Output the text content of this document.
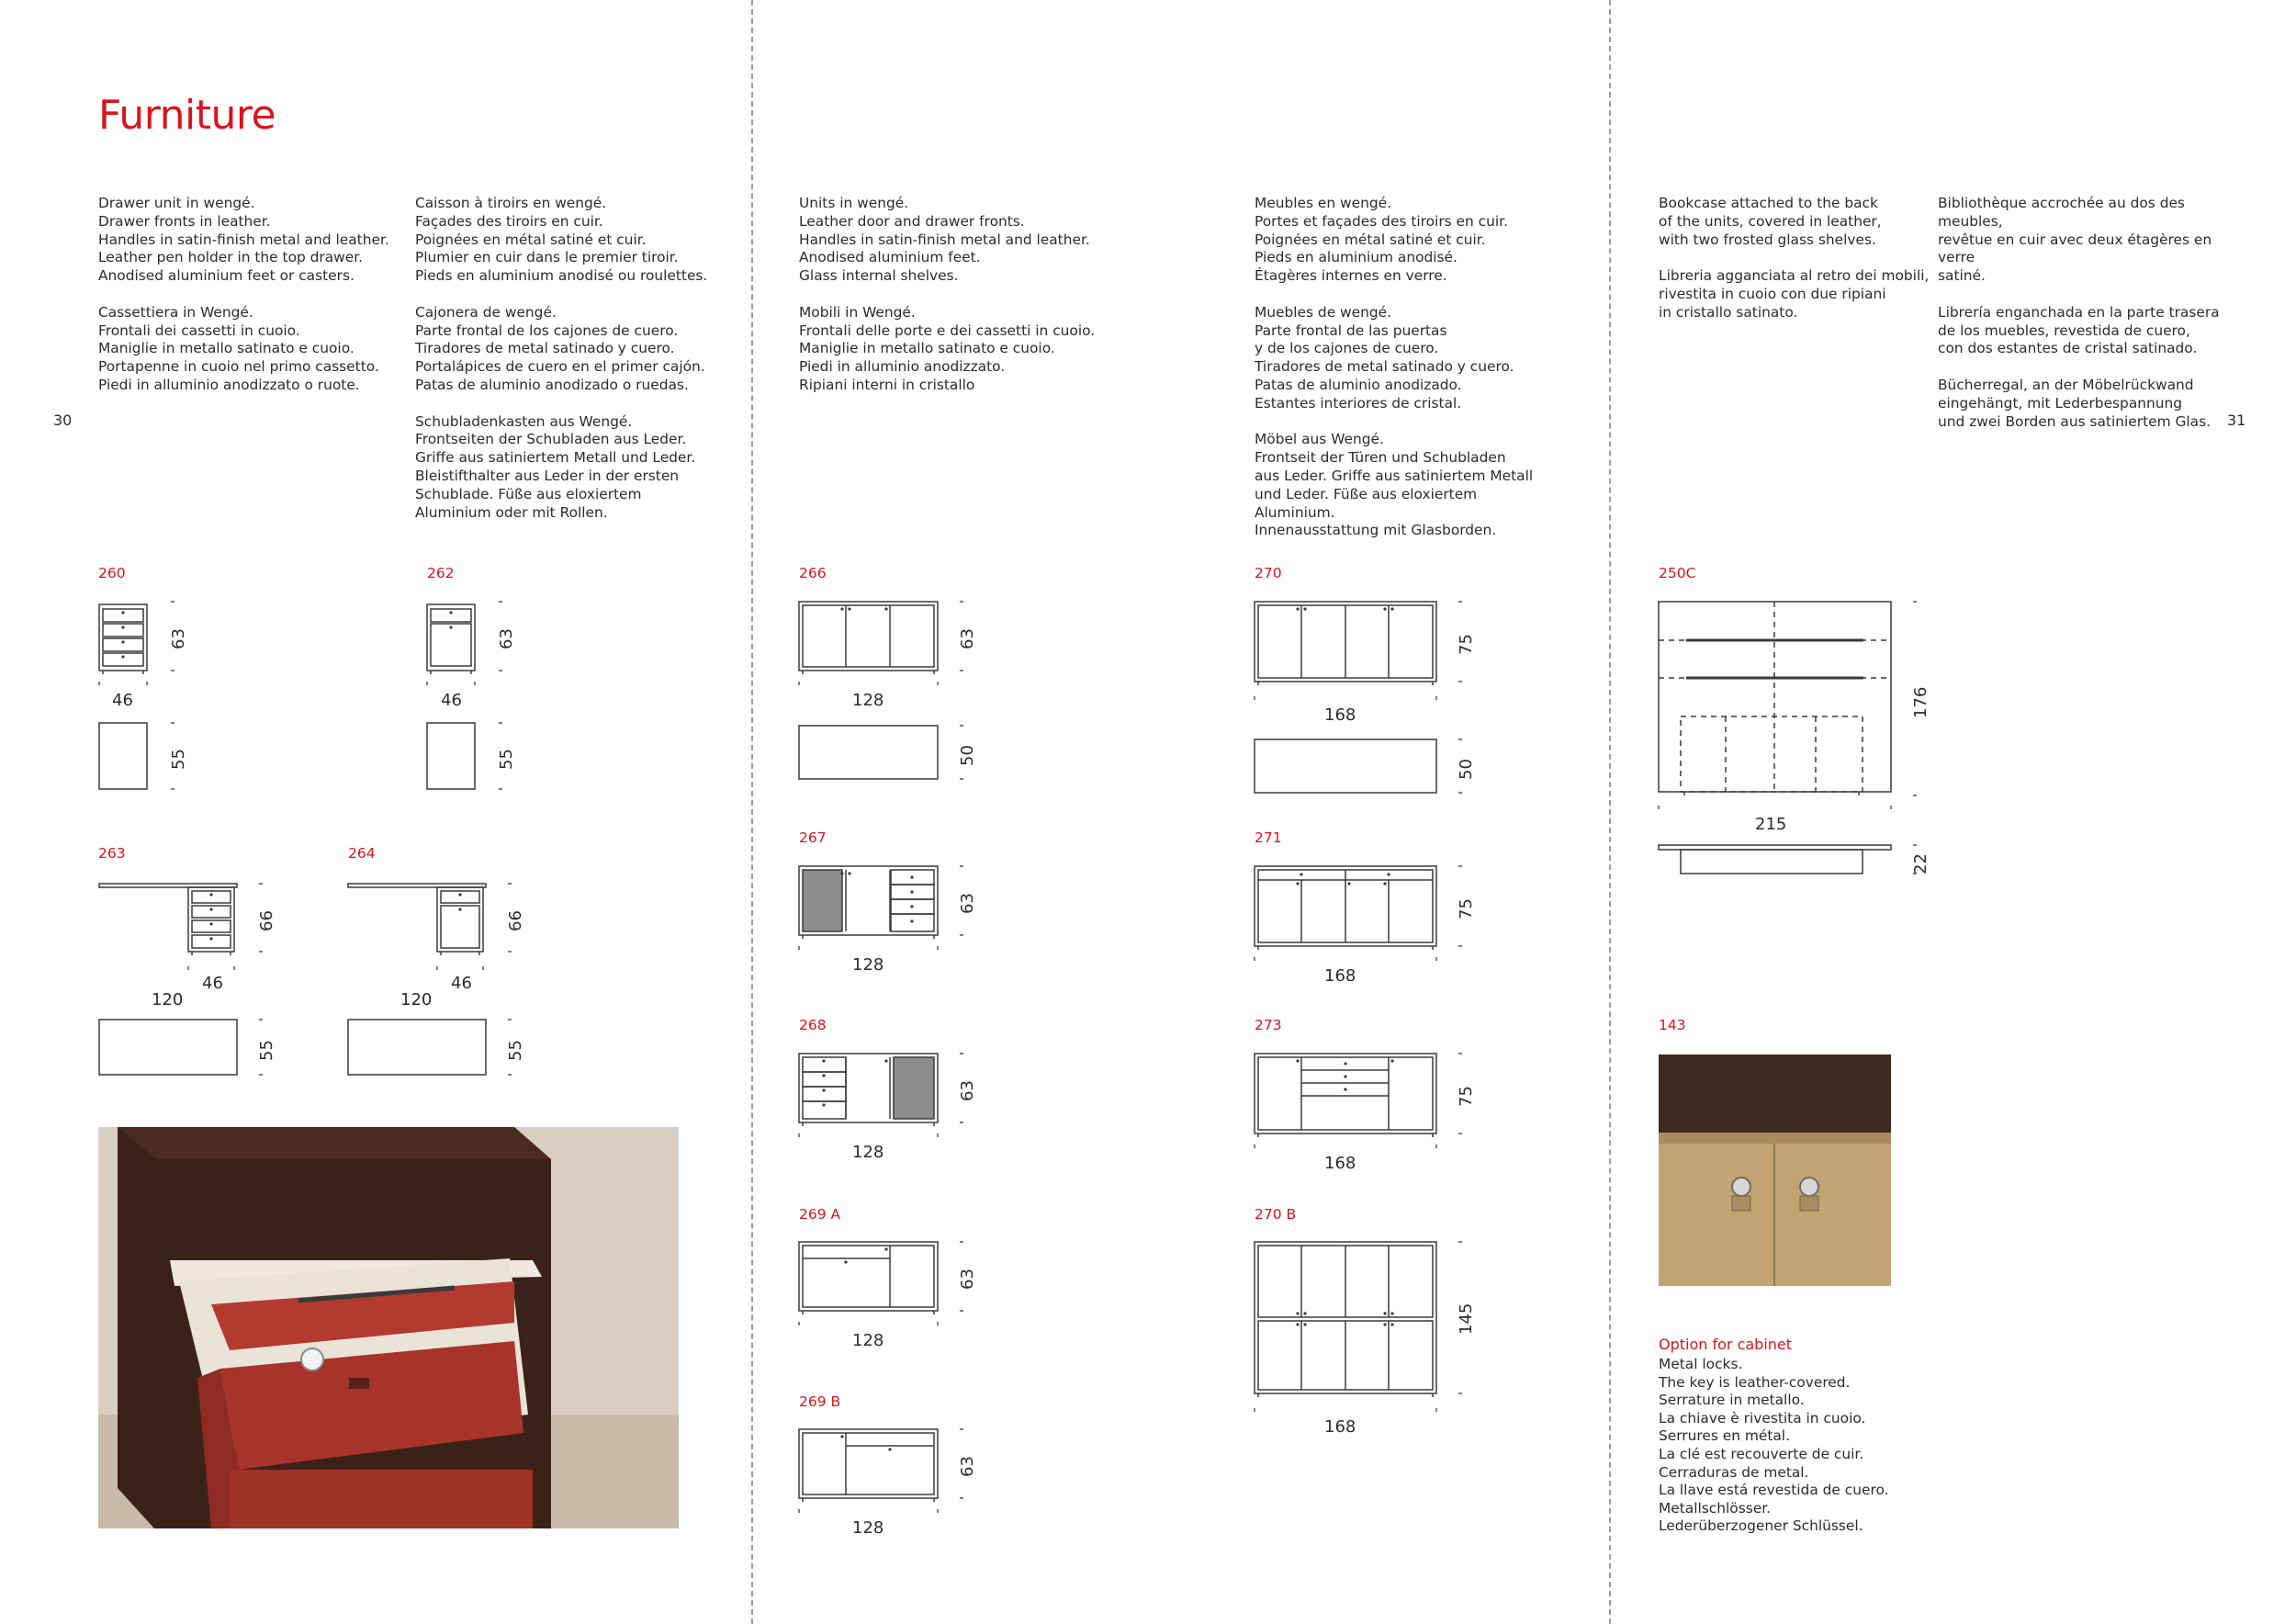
Furniture
30	31
Drawer unit in wengé.
Drawer fronts in leather.
Handles in satin-finish metal and leather.
Leather pen holder in the top drawer.
Anodised aluminium feet or casters.

Cassettiera in Wengé.
Frontali dei cassetti in cuoio.
Maniglie in metallo satinato e cuoio.
Portapenne in cuoio nel primo cassetto.
Piedi in alluminio anodizzato o ruote.
Caisson à tiroirs en wengé.
Façades des tiroirs en cuir.
Poignées en métal satiné et cuir.
Plumier en cuir dans le premier tiroir.
Pieds en aluminium anodisé ou roulettes.

Cajonera de wengé.
Parte frontal de los cajones de cuero.
Tiradores de metal satinado y cuero.
Portalápices de cuero en el primer cajón.
Patas de aluminio anodizado o ruedas.

Schubladenkasten aus Wengé.
Frontseiten der Schubladen aus Leder.
Griffe aus satiniertem Metall und Leder.
Bleistifthalter aus Leder in der ersten
Schublade. Füße aus eloxiertem
Aluminium oder mit Rollen.
Units in wengé.
Leather door and drawer fronts.
Handles in satin-finish metal and leather.
Anodised aluminium feet.
Glass internal shelves.

Mobili in Wengé.
Frontali delle porte e dei cassetti in cuoio.
Maniglie in metallo satinato e cuoio.
Piedi in alluminio anodizzato.
Ripiani interni in cristallo
Meubles en wengé.
Portes et façades des tiroirs en cuir.
Poignées en métal satiné et cuir.
Pieds en aluminium anodisé.
Étagères internes en verre.

Muebles de wengé.
Parte frontal de las puertas
y de los cajones de cuero.
Tiradores de metal satinado y cuero.
Patas de aluminio anodizado.
Estantes interiores de cristal.

Möbel aus Wengé.
Frontseit der Türen und Schubladen
aus Leder. Griffe aus satiniertem Metall
und Leder. Füße aus eloxiertem
Aluminium.
Innenausstattung mit Glasborden.
Bookcase attached to the back
of the units, covered in leather,
with two frosted glass shelves.

Libreria agganciata al retro dei mobili,
rivestita in cuoio con due ripiani
in cristallo satinato.
Bibliothèque accrochée au dos des meubles,
revêtue en cuir avec deux étagères en verre
satiné.

Librería enganchada en la parte trasera
de los muebles, revestida de cuero,
con dos estantes de cristal satinado.

Bücherregal, an der Möbelrückwand
eingehängt, mit Lederbespannung
und zwei Borden aus satiniertem Glas.
260	262
263	264
266
267
268
269 A
269 B
270
271
273
270 B
250C
143
46	46
46
120
46
120
128
128
128
128
128
168
168
168
168
215
63
55
63
55
66
55
66
55
63
50
63
63
63
63
75
50
75
75
145
176
22
Option for cabinet
Metal locks.
The key is leather-covered.
Serrature in metallo.
La chiave è rivestita in cuoio.
Serrures en métal.
La clé est recouverte de cuir.
Cerraduras de metal.
La llave está revestida de cuero.
Metallschlösser.
Lederüberzogener Schlüssel.
